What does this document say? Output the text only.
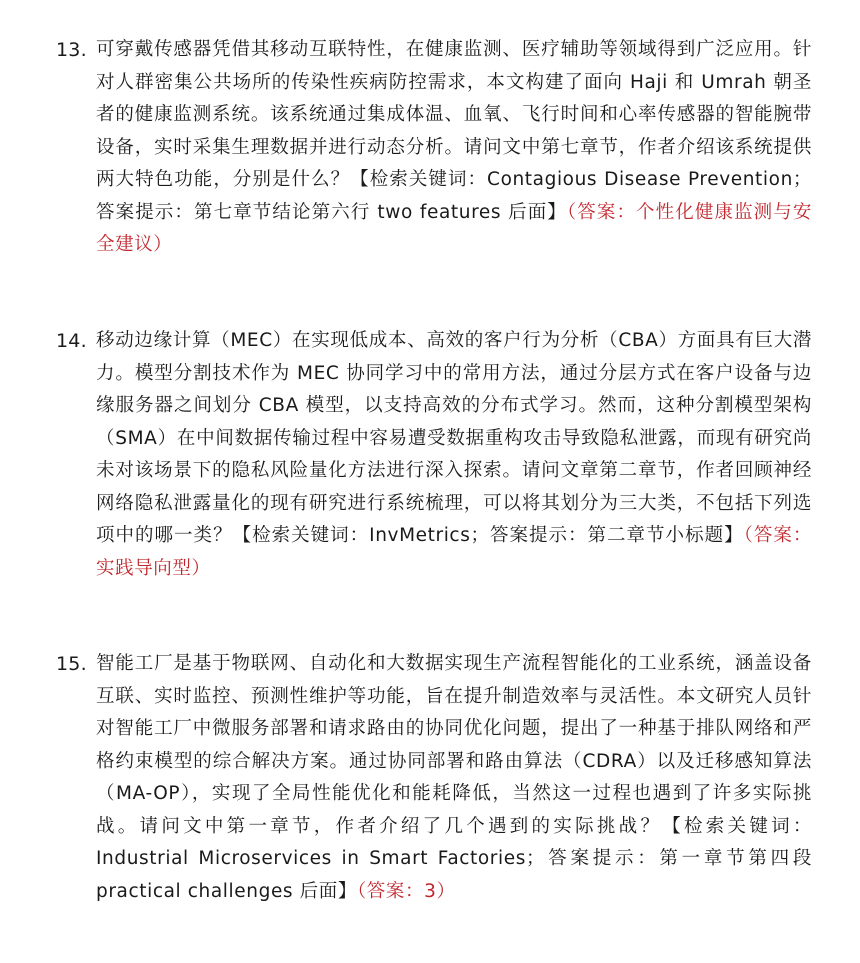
13. 可穿戴传感器凭借其移动互联特性，在健康监测、医疗辅助等领域得到广泛应用。针对人群密集公共场所的传染性疾病防控需求，本文构建了面向 Haji 和 Umrah 朝圣者的健康监测系统。该系统通过集成体温、血氧、飞行时间和心率传感器的智能腕带设备，实时采集生理数据并进行动态分析。请问文中第七章节，作者介绍该系统提供两大特色功能，分别是什么？【检索关键词：Contagious Disease Prevention；答案提示：第七章节结论第六行 two features 后面】（答案：个性化健康监测与安全建议）
14. 移动边缘计算（MEC）在实现低成本、高效的客户行为分析（CBA）方面具有巨大潜力。模型分割技术作为 MEC 协同学习中的常用方法，通过分层方式在客户设备与边缘服务器之间划分 CBA 模型，以支持高效的分布式学习。然而，这种分割模型架构（SMA）在中间数据传输过程中容易遭受数据重构攻击导致隐私泄露，而现有研究尚未对该场景下的隐私风险量化方法进行深入探索。请问文章第二章节，作者回顾神经网络隐私泄露量化的现有研究进行系统梳理，可以将其划分为三大类，不包括下列选项中的哪一类？【检索关键词：InvMetrics；答案提示：第二章节小标题】（答案：实践导向型）
15. 智能工厂是基于物联网、自动化和大数据实现生产流程智能化的工业系统，涵盖设备互联、实时监控、预测性维护等功能，旨在提升制造效率与灵活性。本文研究人员针对智能工厂中微服务部署和请求路由的协同优化问题，提出了一种基于排队网络和严格约束模型的综合解决方案。通过协同部署和路由算法（CDRA）以及迁移感知算法（MA-OP），实现了全局性能优化和能耗降低，当然这一过程也遇到了许多实际挑战。请问文中第一章节，作者介绍了几个遇到的实际挑战？【检索关键词：Industrial Microservices in Smart Factories；答案提示：第一章节第四段 practical challenges 后面】（答案：3）
